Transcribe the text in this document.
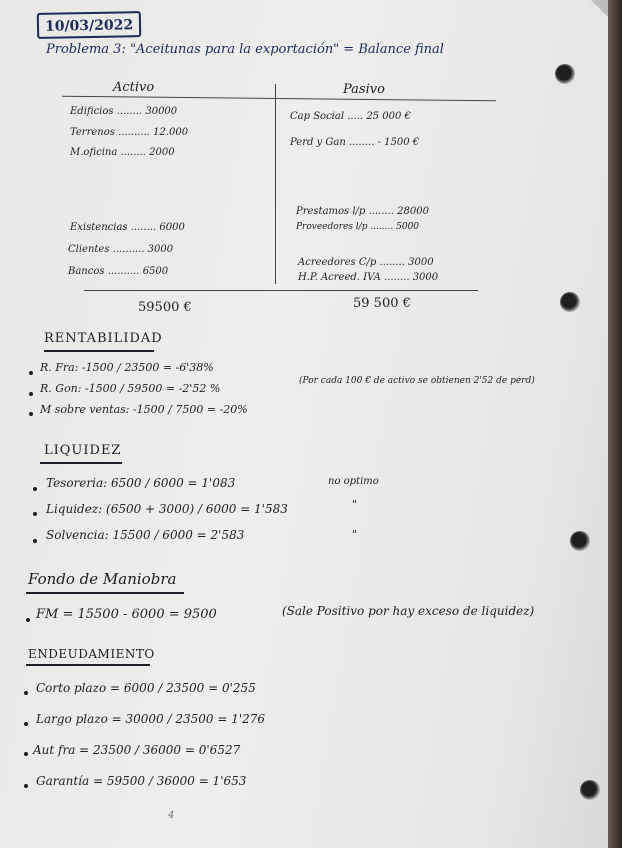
10/03/2022
Problema 3: "Aceitunas para la exportación" = Balance final
Activo	Pasivo
Edificios ........ 30000
Terrenos .......... 12.000
M.oficina ........ 2000
Existencias ........ 6000
Clientes .......... 3000
Bancos .......... 6500
Cap Social ..... 25 000 €
Perd y Gan ........ - 1500 €
Prestamos l/p ........ 28000
Proveedores l/p ........ 5000
Acreedores C/p ........ 3000
H.P. Acreed. IVA ........ 3000
59500 €	59 500 €
RENTABILIDAD
R. Fra: -1500 / 23500 = -6'38%
R. Gon: -1500 / 59500 = -2'52 %
(Por cada 100 € de activo se obtienen 2'52 de perd)
M sobre ventas: -1500 / 7500 = -20%
LIQUIDEZ
Tesoreria: 6500 / 6000 = 1'083	no optimo
Liquidez: (6500 + 3000) / 6000 = 1'583	"
Solvencia: 15500 / 6000 = 2'583	"
Fondo de Maniobra
FM = 15500 - 6000 = 9500	(Sale Positivo por hay exceso de liquidez)
ENDEUDAMIENTO
Corto plazo = 6000 / 23500 = 0'255
Largo plazo = 30000 / 23500 = 1'276
Aut fra = 23500 / 36000 = 0'6527
Garantía = 59500 / 36000 = 1'653
4
